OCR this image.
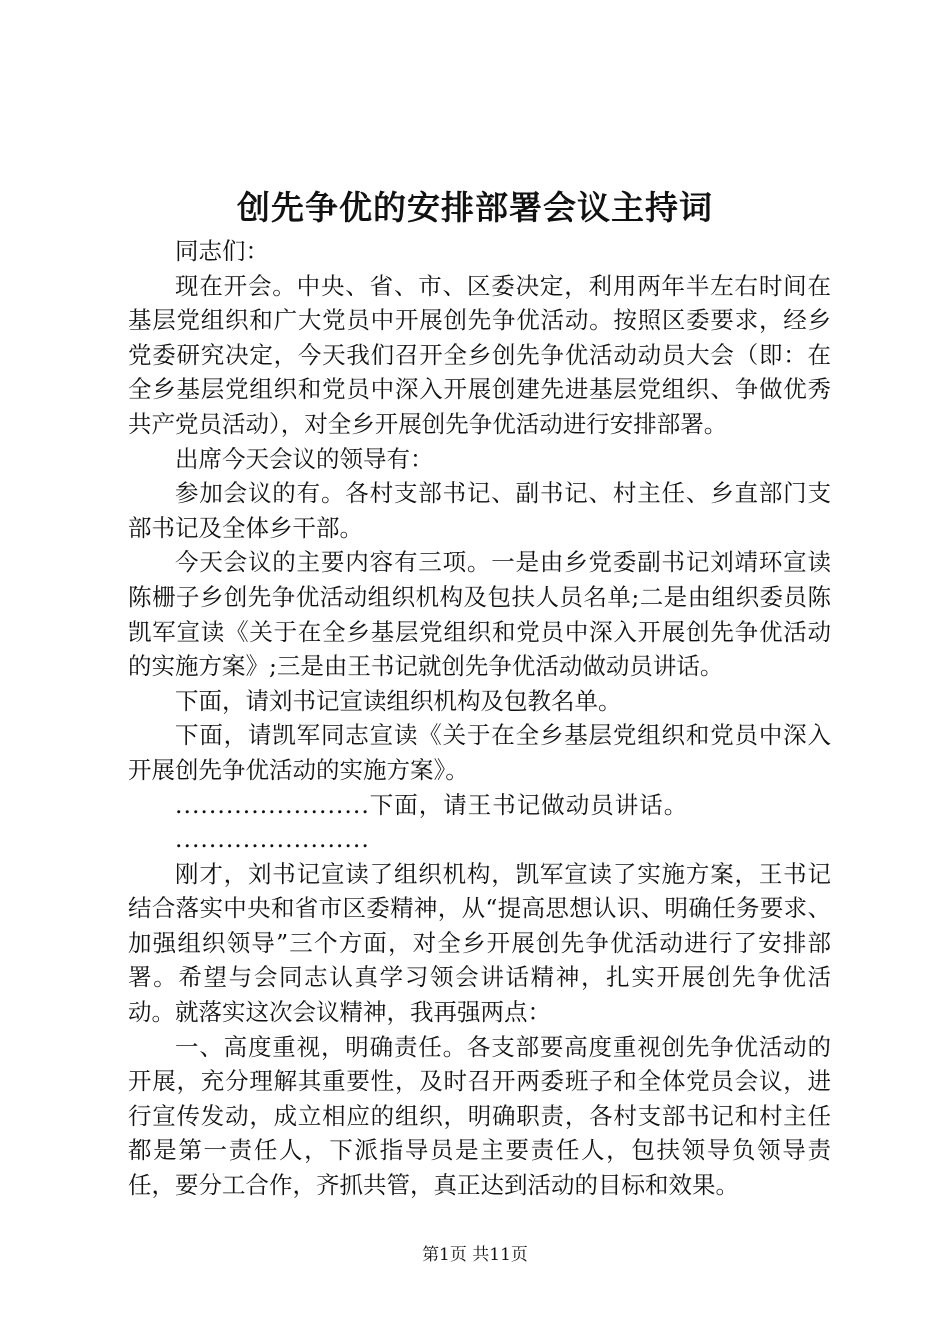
创先争优的安排部署会议主持词

同志们：

现在开会。中央、省、市、区委决定，利用两年半左右时间在基层党组织和广大党员中开展创先争优活动。按照区委要求，经乡党委研究决定，今天我们召开全乡创先争优活动动员大会（即：在全乡基层党组织和党员中深入开展创建先进基层党组织、争做优秀共产党员活动），对全乡开展创先争优活动进行安排部署。

出席今天会议的领导有：

参加会议的有。各村支部书记、副书记、村主任、乡直部门支部书记及全体乡干部。

今天会议的主要内容有三项。一是由乡党委副书记刘靖环宣读陈栅子乡创先争优活动组织机构及包扶人员名单;二是由组织委员陈凯军宣读《关于在全乡基层党组织和党员中深入开展创先争优活动的实施方案》;三是由王书记就创先争优活动做动员讲话。

下面，请刘书记宣读组织机构及包教名单。

下面，请凯军同志宣读《关于在全乡基层党组织和党员中深入开展创先争优活动的实施方案》。

.......................下面，请王书记做动员讲话。

.......................

刚才，刘书记宣读了组织机构，凯军宣读了实施方案，王书记结合落实中央和省市区委精神，从“提高思想认识、明确任务要求、加强组织领导”三个方面，对全乡开展创先争优活动进行了安排部署。希望与会同志认真学习领会讲话精神，扎实开展创先争优活动。就落实这次会议精神，我再强两点：

一、高度重视，明确责任。各支部要高度重视创先争优活动的开展，充分理解其重要性，及时召开两委班子和全体党员会议，进行宣传发动，成立相应的组织，明确职责，各村支部书记和村主任都是第一责任人，下派指导员是主要责任人，包扶领导负领导责任，要分工合作，齐抓共管，真正达到活动的目标和效果。

第1页 共11页
